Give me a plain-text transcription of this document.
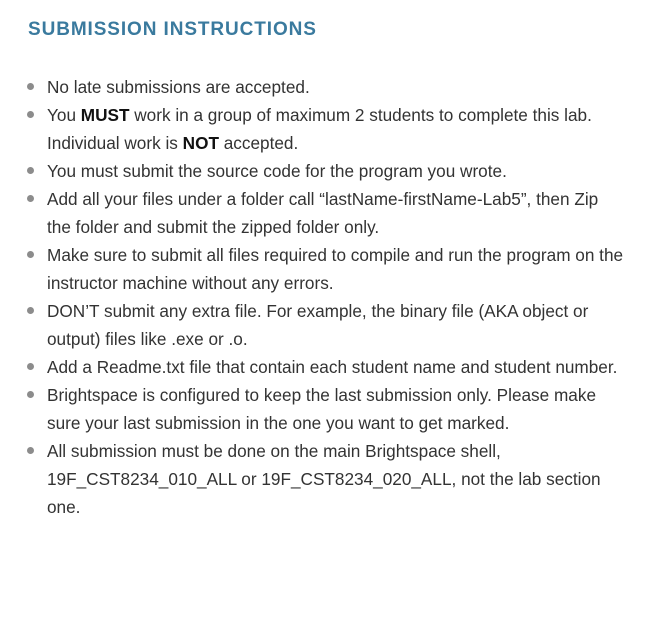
SUBMISSION INSTRUCTIONS
No late submissions are accepted.
You MUST work in a group of maximum 2 students to complete this lab. Individual work is NOT accepted.
You must submit the source code for the program you wrote.
Add all your files under a folder call “lastName-firstName-Lab5”, then Zip the folder and submit the zipped folder only.
Make sure to submit all files required to compile and run the program on the instructor machine without any errors.
DON’T submit any extra file. For example, the binary file (AKA object or output) files like .exe or .o.
Add a Readme.txt file that contain each student name and student number.
Brightspace is configured to keep the last submission only. Please make sure your last submission in the one you want to get marked.
All submission must be done on the main Brightspace shell, 19F_CST8234_010_ALL or 19F_CST8234_020_ALL, not the lab section one.
